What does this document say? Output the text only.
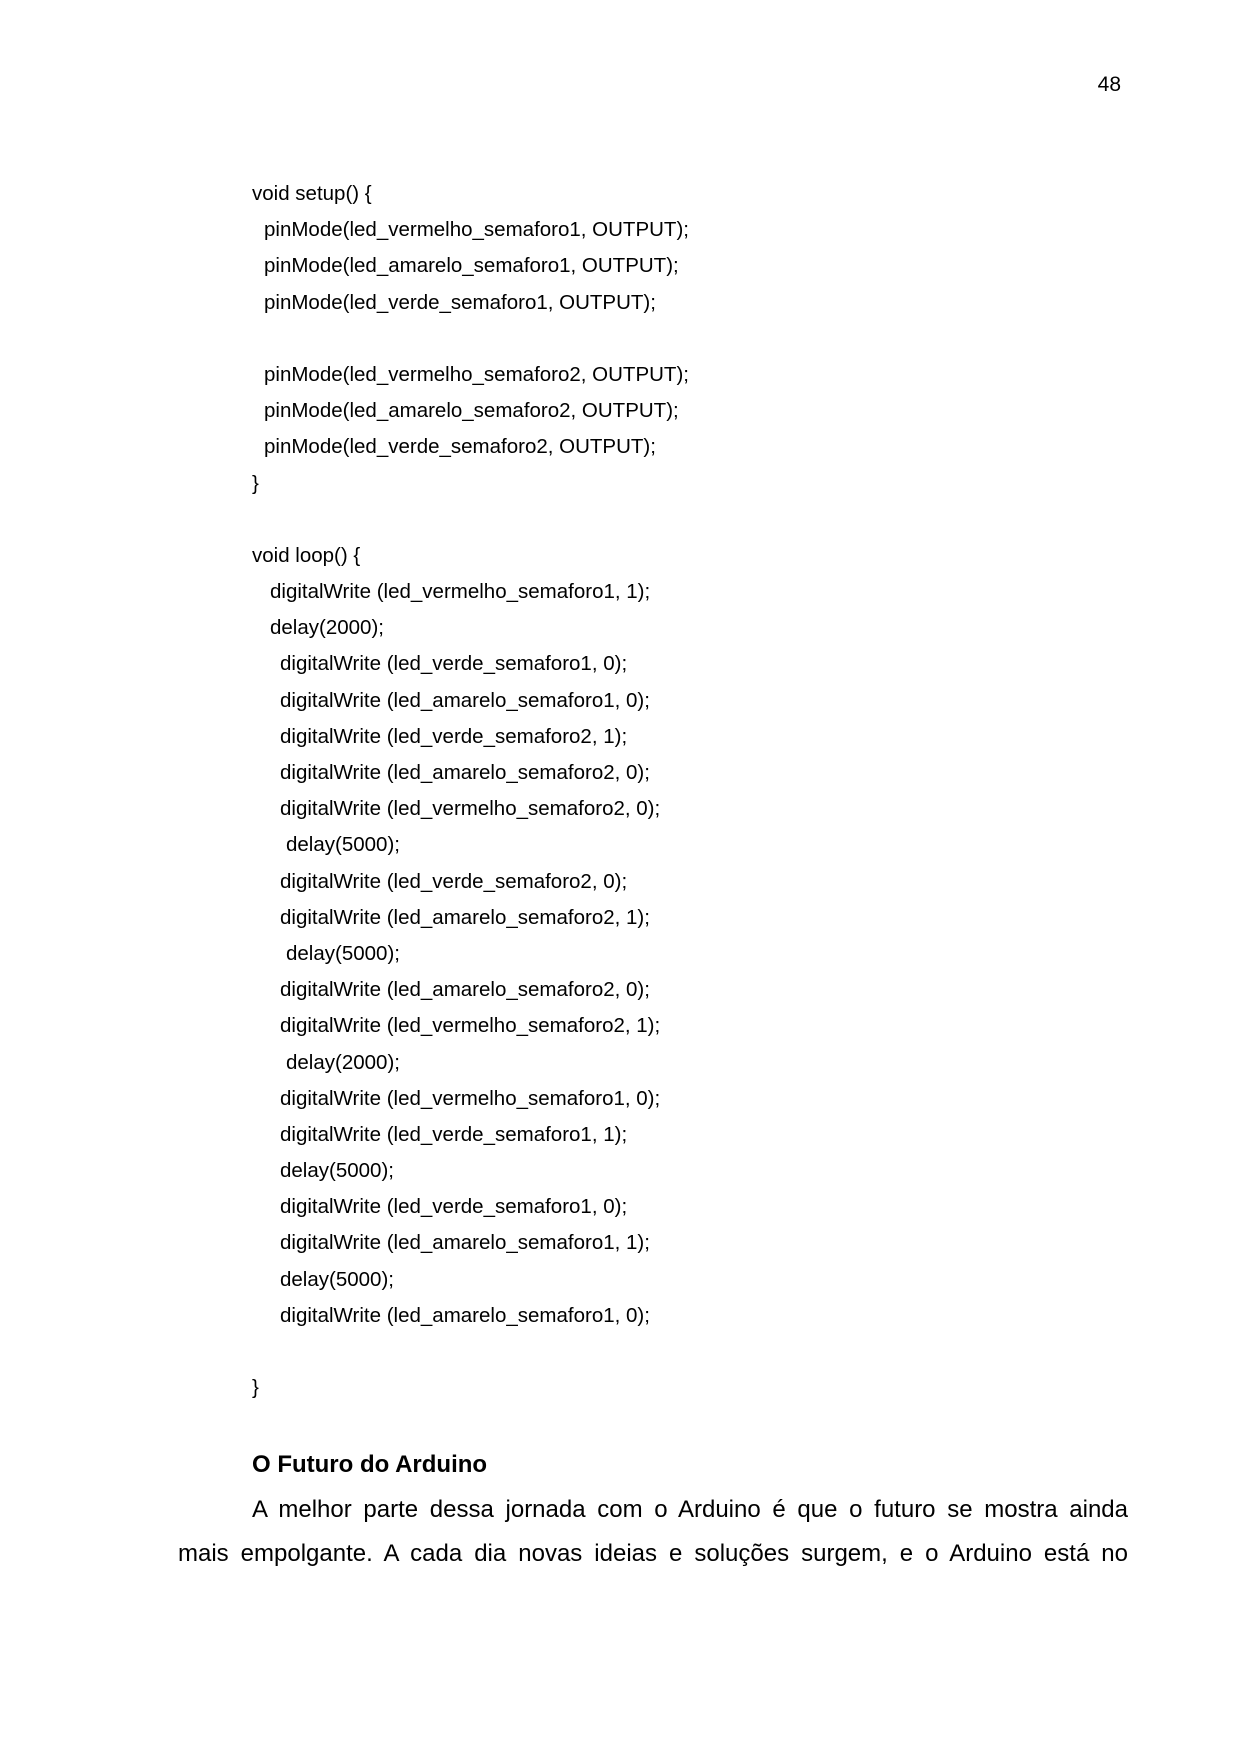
48
void setup() {
pinMode(led_vermelho_semaforo1, OUTPUT);
pinMode(led_amarelo_semaforo1, OUTPUT);
pinMode(led_verde_semaforo1, OUTPUT);
pinMode(led_vermelho_semaforo2, OUTPUT);
pinMode(led_amarelo_semaforo2, OUTPUT);
pinMode(led_verde_semaforo2, OUTPUT);
}
void loop() {
digitalWrite (led_vermelho_semaforo1, 1);
delay(2000);
digitalWrite (led_verde_semaforo1, 0);
digitalWrite (led_amarelo_semaforo1, 0);
digitalWrite (led_verde_semaforo2, 1);
digitalWrite (led_amarelo_semaforo2, 0);
digitalWrite (led_vermelho_semaforo2, 0);
delay(5000);
digitalWrite (led_verde_semaforo2, 0);
digitalWrite (led_amarelo_semaforo2, 1);
delay(5000);
digitalWrite (led_amarelo_semaforo2, 0);
digitalWrite (led_vermelho_semaforo2, 1);
delay(2000);
digitalWrite (led_vermelho_semaforo1, 0);
digitalWrite (led_verde_semaforo1, 1);
delay(5000);
digitalWrite (led_verde_semaforo1, 0);
digitalWrite (led_amarelo_semaforo1, 1);
delay(5000);
digitalWrite (led_amarelo_semaforo1, 0);
}
O Futuro do Arduino
A melhor parte dessa jornada com o Arduino é que o futuro se mostra ainda
mais empolgante. A cada dia novas ideias e soluções surgem, e o Arduino está no
